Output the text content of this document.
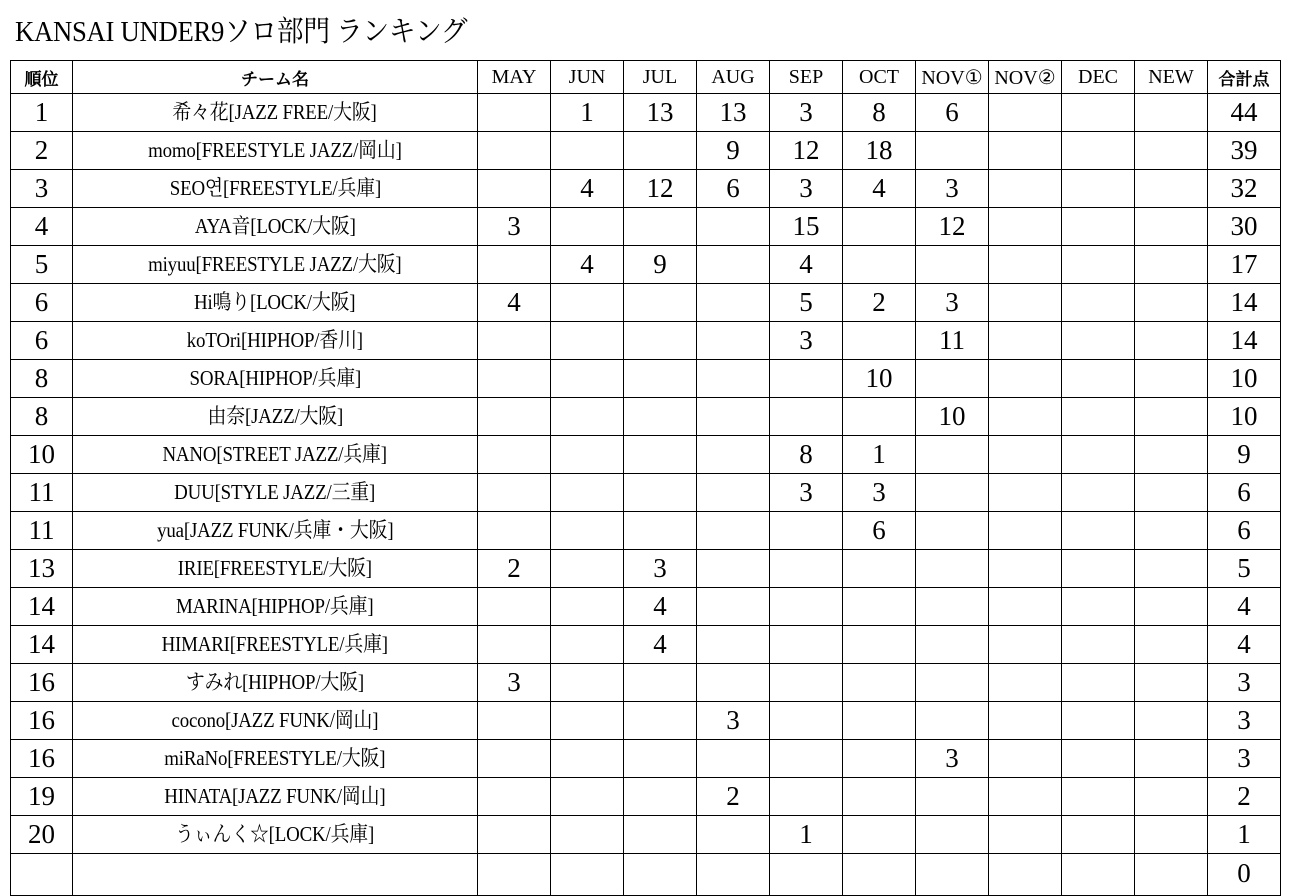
KANSAI UNDER9ソロ部門 ランキング
順位	チーム名	MAY	JUN	JUL	AUG	SEP	OCT	NOV①	NOV②	DEC	NEW	合計点
1	希々花[JAZZ FREE/大阪]		1	13	13	3	8	6				44
2	momo[FREESTYLE JAZZ/岡山]				9	12	18					39
3	SEO연[FREESTYLE/兵庫]		4	12	6	3	4	3				32
4	AYA音[LOCK/大阪]	3				15		12				30
5	miyuu[FREESTYLE JAZZ/大阪]		4	9		4						17
6	Hi鳴り[LOCK/大阪]	4				5	2	3				14
6	koTOri[HIPHOP/香川]					3		11				14
8	SORA[HIPHOP/兵庫]						10					10
8	由奈[JAZZ/大阪]							10				10
10	NANO[STREET JAZZ/兵庫]					8	1					9
11	DUU[STYLE JAZZ/三重]					3	3					6
11	yua[JAZZ FUNK/兵庫・大阪]						6					6
13	IRIE[FREESTYLE/大阪]	2		3								5
14	MARINA[HIPHOP/兵庫]			4								4
14	HIMARI[FREESTYLE/兵庫]			4								4
16	すみれ[HIPHOP/大阪]	3										3
16	cocono[JAZZ FUNK/岡山]				3							3
16	miRaNo[FREESTYLE/大阪]							3				3
19	HINATA[JAZZ FUNK/岡山]				2							2
20	うぃんく☆[LOCK/兵庫]					1						1
												0
